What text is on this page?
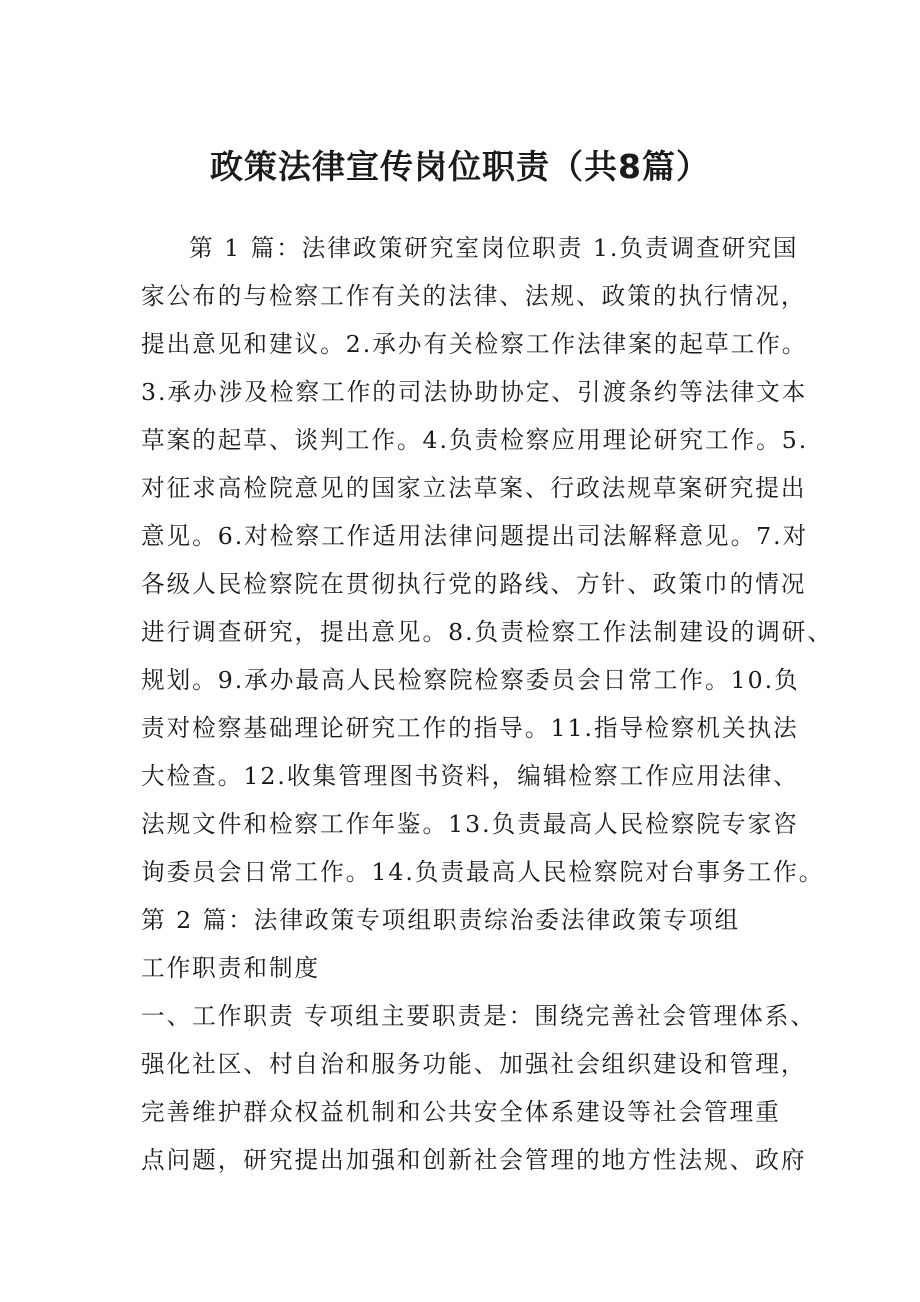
政策法律宣传岗位职责（共8篇）
第 1 篇：法律政策研究室岗位职责 1.负责调查研究国
家公布的与检察工作有关的法律、法规、政策的执行情况，
提出意见和建议。2.承办有关检察工作法律案的起草工作。
3.承办涉及检察工作的司法协助协定、引渡条约等法律文本
草案的起草、谈判工作。4.负责检察应用理论研究工作。5.
对征求高检院意见的国家立法草案、行政法规草案研究提出
意见。6.对检察工作适用法律问题提出司法解释意见。7.对
各级人民检察院在贯彻执行党的路线、方针、政策巾的情况
进行调查研究，提出意见。8.负责检察工作法制建设的调研、
规划。9.承办最高人民检察院检察委员会日常工作。10.负
责对检察基础理论研究工作的指导。11.指导检察机关执法
大检查。12.收集管理图书资料，编辑检察工作应用法律、
法规文件和检察工作年鉴。13.负责最高人民检察院专家咨
询委员会日常工作。14.负责最高人民检察院对台事务工作。
第 2 篇：法律政策专项组职责综治委法律政策专项组
工作职责和制度
一、工作职责 专项组主要职责是：围绕完善社会管理体系、
强化社区、村自治和服务功能、加强社会组织建设和管理，
完善维护群众权益机制和公共安全体系建设等社会管理重
点问题，研究提出加强和创新社会管理的地方性法规、政府
